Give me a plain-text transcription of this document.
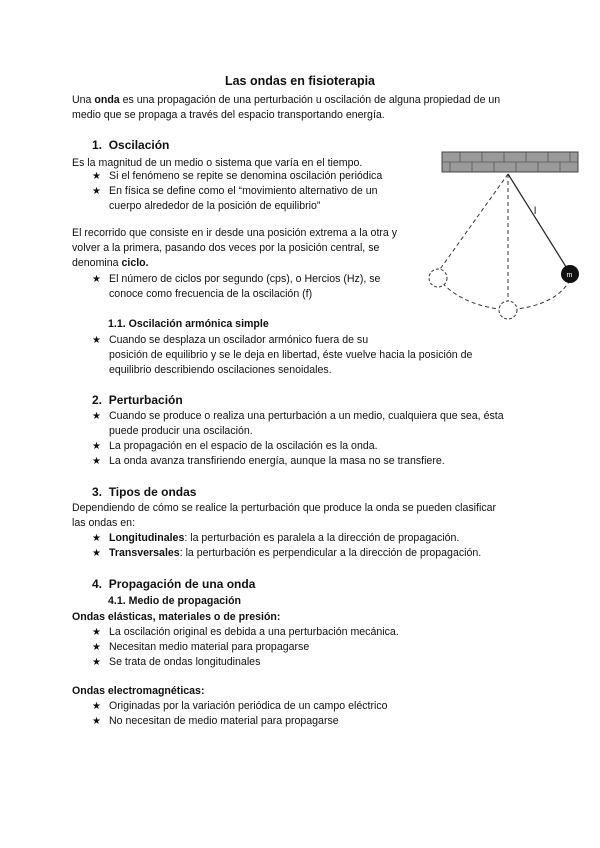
Las ondas en fisioterapia
Una onda es una propagación de una perturbación u oscilación de alguna propiedad de un
medio que se propaga a través del espacio transportando energía.
1. Oscilación
Es la magnitud de un medio o sistema que varía en el tiempo.
★ Si el fenómeno se repite se denomina oscilación periódica
★ En física se define como el “movimiento alternativo de un
cuerpo alrededor de la posición de equilibrio”
El recorrido que consiste en ir desde una posición extrema a la otra y
volver a la primera, pasando dos veces por la posición central, se
denomina ciclo.
★ El número de ciclos por segundo (cps), o Hercios (Hz), se
conoce como frecuencia de la oscilación (f)
1.1. Oscilación armónica simple
★ Cuando se desplaza un oscilador armónico fuera de su
posición de equilibrio y se le deja en libertad, éste vuelve hacia la posición de
equilibrio describiendo oscilaciones senoidales.
2. Perturbación
★ Cuando se produce o realiza una perturbación a un medio, cualquiera que sea, ésta
puede producir una oscilación.
★ La propagación en el espacio de la oscilación es la onda.
★ La onda avanza transfiriendo energía, aunque la masa no se transfiere.
3. Tipos de ondas
Dependiendo de cómo se realice la perturbación que produce la onda se pueden clasificar
las ondas en:
★ Longitudinales: la perturbación es paralela a la dirección de propagación.
★ Transversales: la perturbación es perpendicular a la dirección de propagación.
4. Propagación de una onda
4.1. Medio de propagación
Ondas elásticas, materiales o de presión:
★ La oscilación original es debida a una perturbación mecánica.
★ Necesitan medio material para propagarse
★ Se trata de ondas longitudinales
Ondas electromagnéticas:
★ Originadas por la variación periódica de un campo eléctrico
★ No necesitan de medio material para propagarse
m
l
